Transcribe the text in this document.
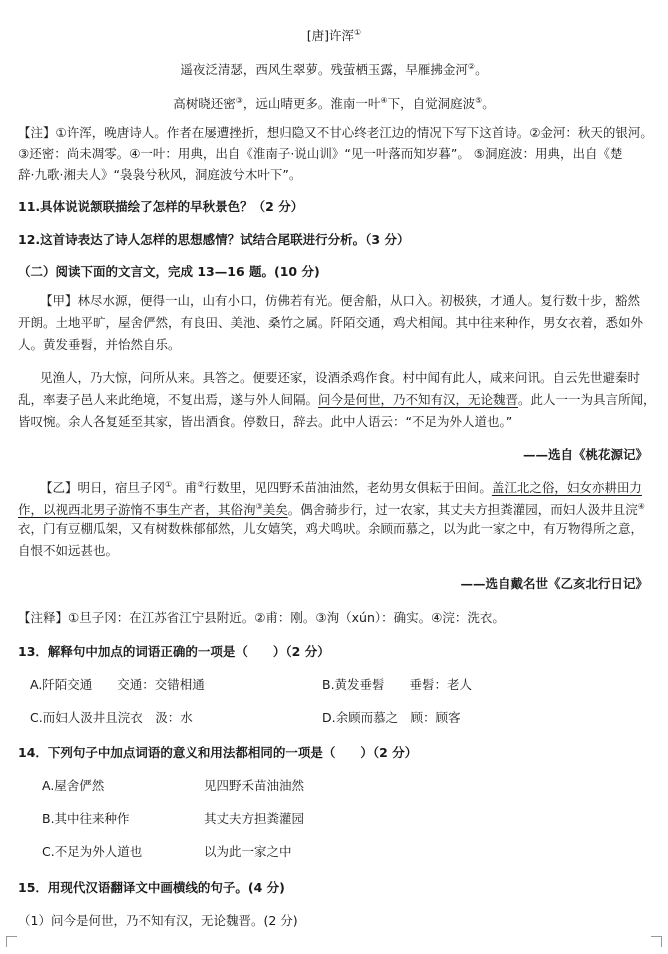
[唐]许浑①
遥夜泛清瑟，西风生翠萝。残萤栖玉露，早雁拂金河②。
高树晓还密③，远山晴更多。淮南一叶④下，自觉洞庭波⑤。
【注】①许浑，晚唐诗人。作者在屡遭挫折，想归隐又不甘心终老江边的情况下写下这首诗。②金河：秋天的银河。
③还密：尚未凋零。④一叶：用典，出自《淮南子·说山训》“见一叶落而知岁暮”。 ⑤洞庭波：用典，出自《楚
辞·九歌·湘夫人》“袅袅兮秋风，洞庭波兮木叶下”。
11.具体说说颔联描绘了怎样的早秋景色？（2 分）
12.这首诗表达了诗人怎样的思想感情？试结合尾联进行分析。（3 分）
（二）阅读下面的文言文，完成 13—16 题。(10 分)
【甲】林尽水源，便得一山，山有小口，仿佛若有光。便舍船，从口入。初极狭，才通人。复行数十步，豁然
开朗。土地平旷，屋舍俨然，有良田、美池、桑竹之属。阡陌交通，鸡犬相闻。其中往来种作，男女衣着，悉如外
人。黄发垂髫，并怡然自乐。
见渔人，乃大惊，问所从来。具答之。便要还家，设酒杀鸡作食。村中闻有此人，咸来问讯。自云先世避秦时
乱，率妻子邑人来此绝境，不复出焉，遂与外人间隔。问今是何世，乃不知有汉，无论魏晋。此人一一为具言所闻，
皆叹惋。余人各复延至其家，皆出酒食。停数日，辞去。此中人语云：“不足为外人道也。”
——选自《桃花源记》
【乙】明日，宿旦子冈①。甫②行数里，见四野禾苗油油然，老幼男女俱耘于田间。盖江北之俗，妇女亦耕田力
作，以视西北男子游惰不事生产者，其俗洵③美矣。偶舍骑步行，过一农家，其丈夫方担粪灌园，而妇人汲井且浣④
衣，门有豆棚瓜架，又有树数株郁郁然，儿女嬉笑，鸡犬鸣吠。余顾而慕之，以为此一家之中，有万物得所之意，
自恨不如远甚也。
——选自戴名世《乙亥北行日记》
【注释】①旦子冈：在江苏省江宁县附近。②甫：刚。③洵（xún）：确实。④浣：洗衣。
13．解释句中加点的词语正确的一项是（　　）（2 分）
A.阡陌交通　　交通：交错相通	B.黄发垂髫　　垂髫：老人
C.而妇人汲井且浣衣　汲：水	D.余顾而慕之　顾：顾客
14．下列句子中加点词语的意义和用法都相同的一项是（　　）（2 分）
A.屋舍俨然	见四野禾苗油油然
B.其中往来种作	其丈夫方担粪灌园
C.不足为外人道也	以为此一家之中
15．用现代汉语翻译文中画横线的句子。(4 分)
（1）问今是何世，乃不知有汉，无论魏晋。(2 分)
